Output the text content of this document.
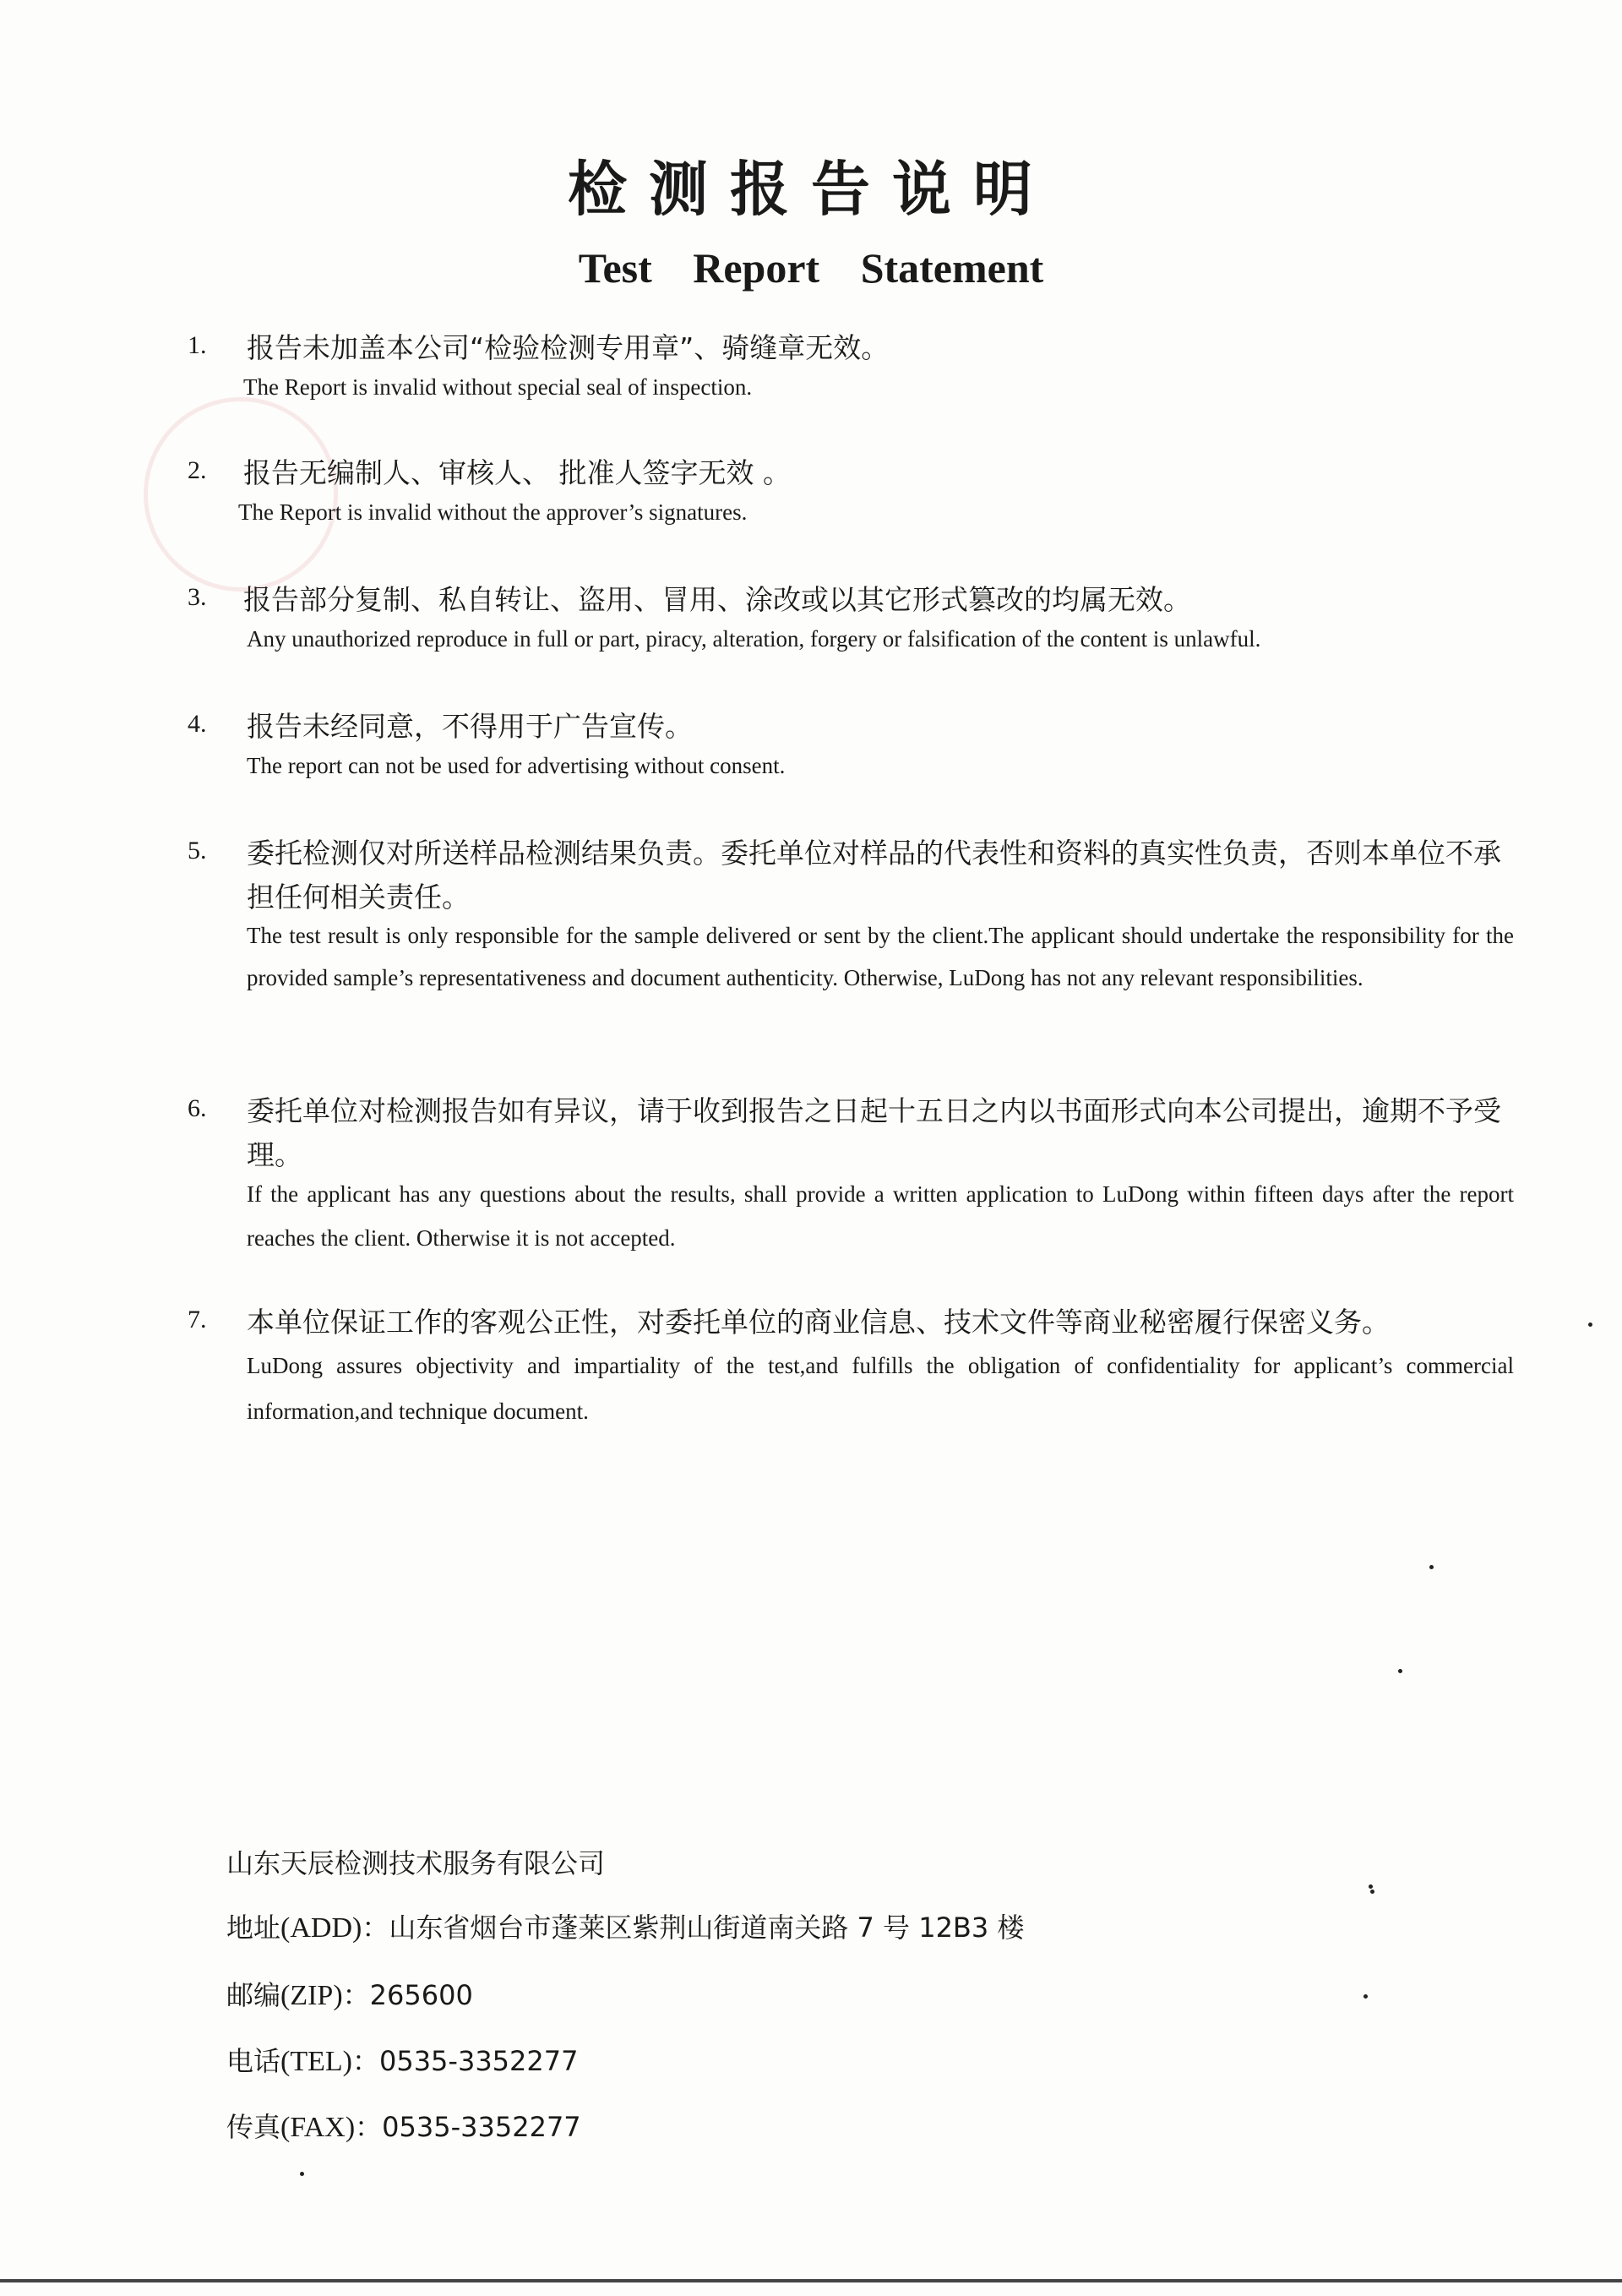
检测报告说明
Test Report Statement
1. 报告未加盖本公司“检验检测专用章”、骑缝章无效。
The Report is invalid without special seal of inspection.
2. 报告无编制人、审核人、 批准人签字无效 。
The Report is invalid without the approver’s signatures.
3. 报告部分复制、私自转让、盗用、冒用、涂改或以其它形式篡改的均属无效。
Any unauthorized reproduce in full or part, piracy, alteration, forgery or falsification of the content is unlawful.
4. 报告未经同意，不得用于广告宣传。
The report can not be used for advertising without consent.
5. 委托检测仅对所送样品检测结果负责。委托单位对样品的代表性和资料的真实性负责，否则本单位不承担任何相关责任。
The test result is only responsible for the sample delivered or sent by the client.The applicant should undertake the responsibility for the provided sample’s representativeness and document authenticity. Otherwise, LuDong has not any relevant responsibilities.
6. 委托单位对检测报告如有异议，请于收到报告之日起十五日之内以书面形式向本公司提出，逾期不予受理。
If the applicant has any questions about the results, shall provide a written application to LuDong within fifteen days after the report reaches the client. Otherwise it is not accepted.
7. 本单位保证工作的客观公正性，对委托单位的商业信息、技术文件等商业秘密履行保密义务。
LuDong assures objectivity and impartiality of the test,and fulfills the obligation of confidentiality for applicant’s commercial information,and technique document.
山东天辰检测技术服务有限公司
地址(ADD)：山东省烟台市蓬莱区紫荆山街道南关路 7 号 12B3 楼
邮编(ZIP)：265600
电话(TEL)：0535-3352277
传真(FAX)：0535-3352277
